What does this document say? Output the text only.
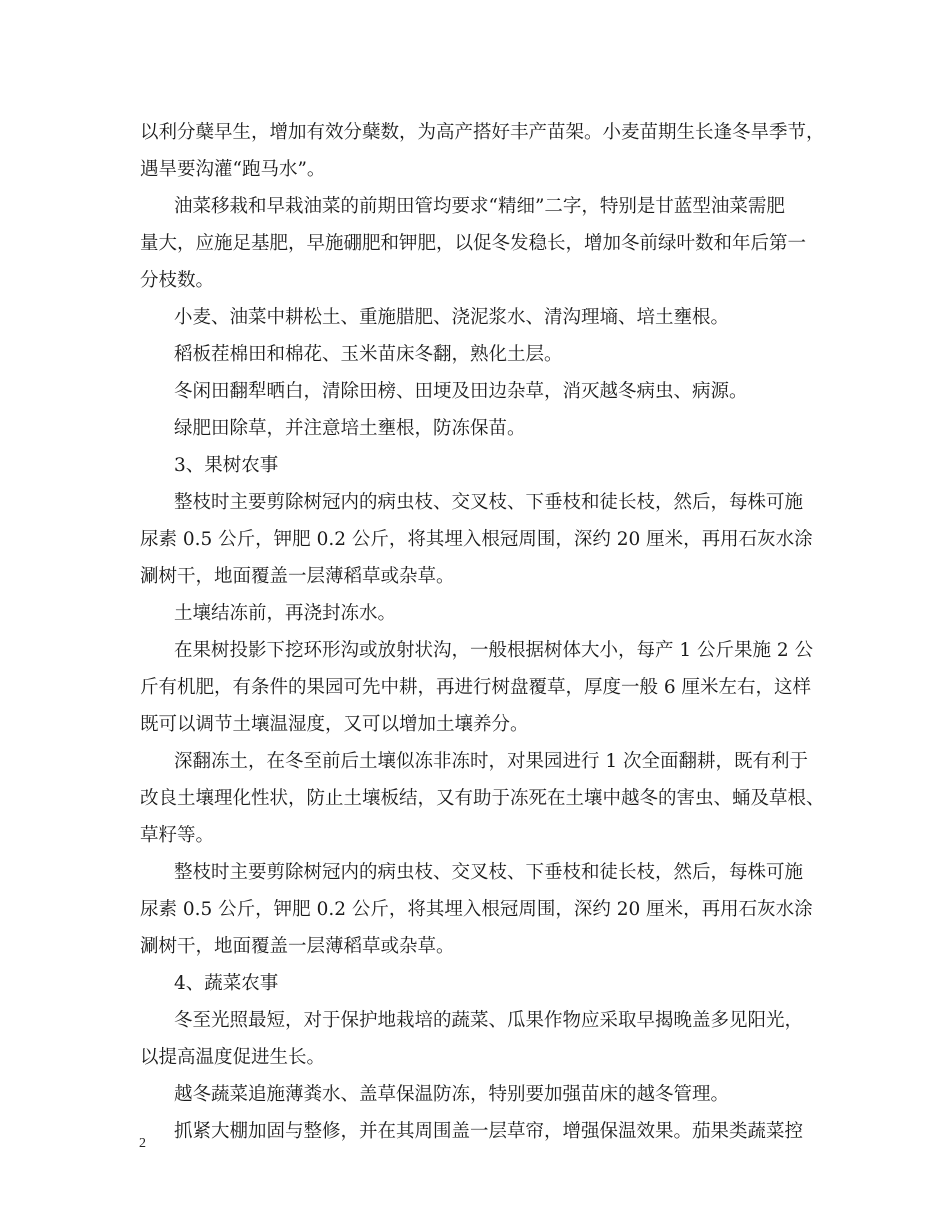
以利分蘖早生，增加有效分蘖数，为高产搭好丰产苗架。小麦苗期生长逢冬旱季节，
遇旱要沟灌“跑马水”。
油菜移栽和早栽油菜的前期田管均要求“精细”二字，特别是甘蓝型油菜需肥
量大，应施足基肥，早施硼肥和钾肥，以促冬发稳长，增加冬前绿叶数和年后第一
分枝数。
小麦、油菜中耕松土、重施腊肥、浇泥浆水、清沟理墒、培土壅根。
稻板茬棉田和棉花、玉米苗床冬翻，熟化土层。
冬闲田翻犁晒白，清除田榜、田埂及田边杂草，消灭越冬病虫、病源。
绿肥田除草，并注意培土壅根，防冻保苗。
3、果树农事
整枝时主要剪除树冠内的病虫枝、交叉枝、下垂枝和徒长枝，然后，每株可施
尿素 0.5 公斤，钾肥 0.2 公斤，将其埋入根冠周围，深约 20 厘米，再用石灰水涂
涮树干，地面覆盖一层薄稻草或杂草。
土壤结冻前，再浇封冻水。
在果树投影下挖环形沟或放射状沟，一般根据树体大小，每产 1 公斤果施 2 公
斤有机肥，有条件的果园可先中耕，再进行树盘覆草，厚度一般 6 厘米左右，这样
既可以调节土壤温湿度，又可以增加土壤养分。
深翻冻土，在冬至前后土壤似冻非冻时，对果园进行 1 次全面翻耕，既有利于
改良土壤理化性状，防止土壤板结，又有助于冻死在土壤中越冬的害虫、蛹及草根、
草籽等。
整枝时主要剪除树冠内的病虫枝、交叉枝、下垂枝和徒长枝，然后，每株可施
尿素 0.5 公斤，钾肥 0.2 公斤，将其埋入根冠周围，深约 20 厘米，再用石灰水涂
涮树干，地面覆盖一层薄稻草或杂草。
4、蔬菜农事
冬至光照最短，对于保护地栽培的蔬菜、瓜果作物应采取早揭晚盖多见阳光，
以提高温度促进生长。
越冬蔬菜追施薄粪水、盖草保温防冻，特别要加强苗床的越冬管理。
抓紧大棚加固与整修，并在其周围盖一层草帘，增强保温效果。茄果类蔬菜控
2
